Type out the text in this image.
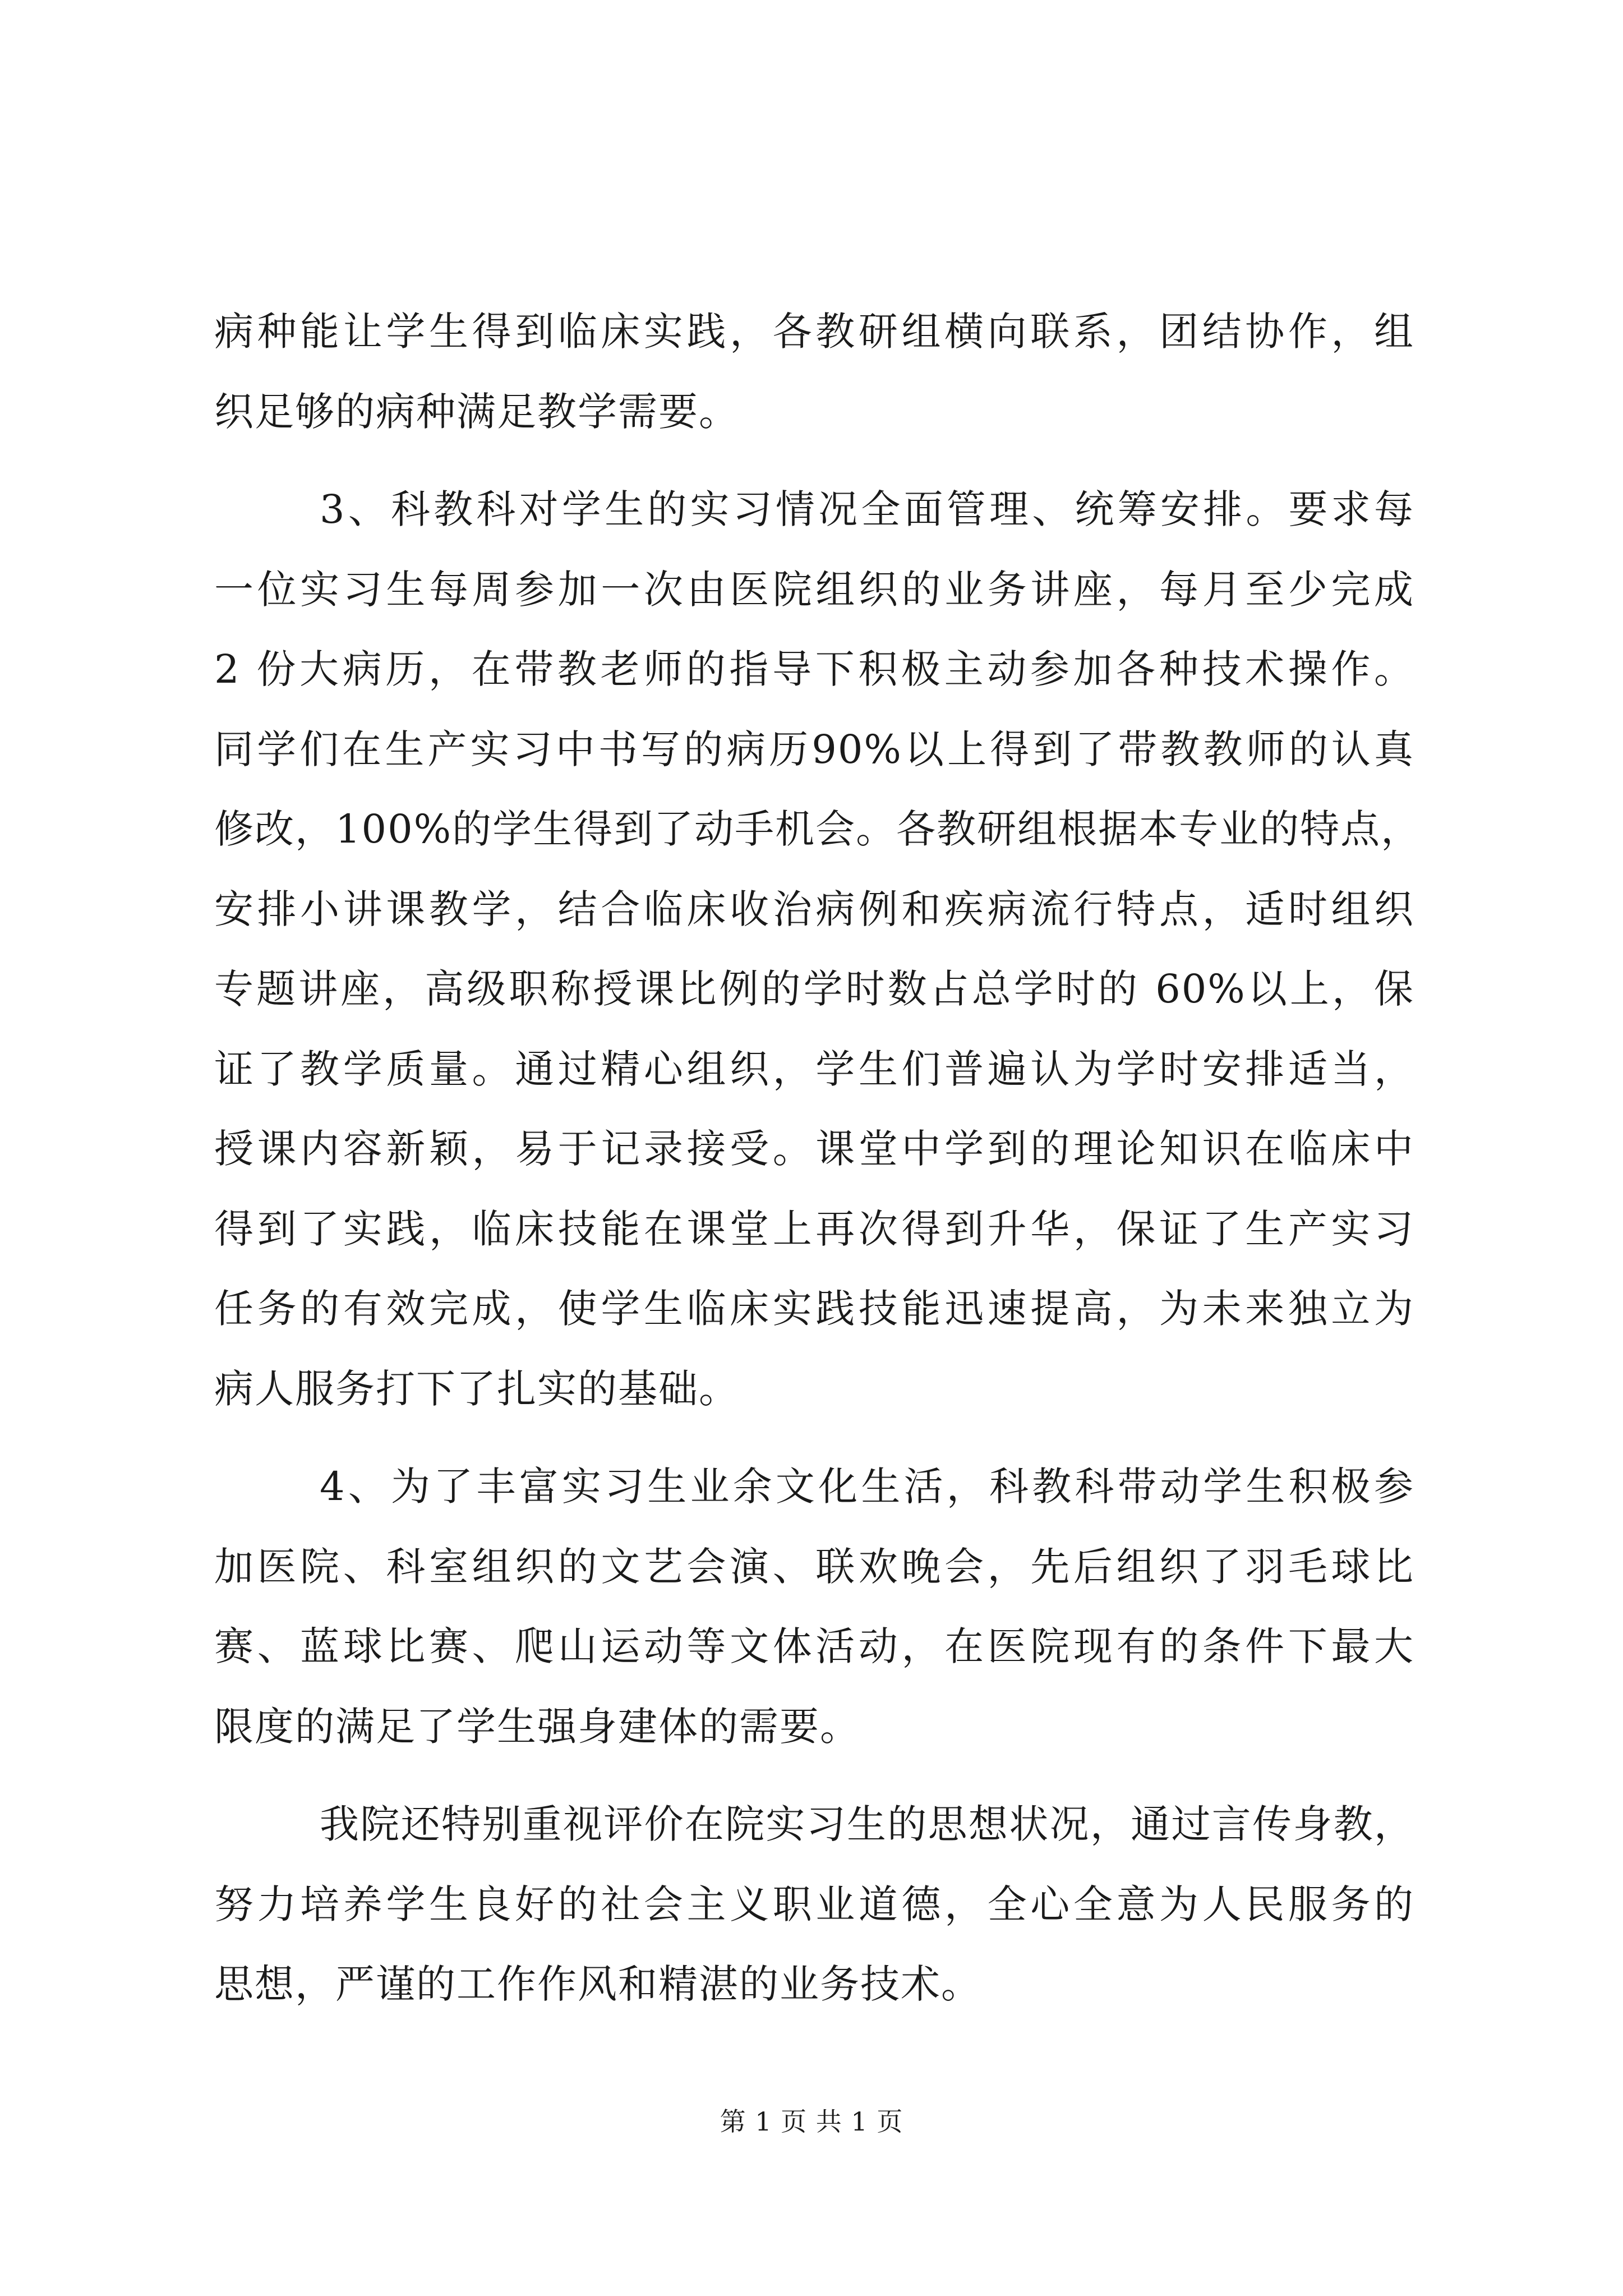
病种能让学生得到临床实践，各教研组横向联系，团结协作，组
织足够的病种满足教学需要。
3、科教科对学生的实习情况全面管理、统筹安排。要求每
一位实习生每周参加一次由医院组织的业务讲座，每月至少完成
2 份大病历，在带教老师的指导下积极主动参加各种技术操作。
同学们在生产实习中书写的病历90%以上得到了带教教师的认真
修改，100%的学生得到了动手机会。各教研组根据本专业的特点，
安排小讲课教学，结合临床收治病例和疾病流行特点，适时组织
专题讲座，高级职称授课比例的学时数占总学时的 60%以上，保
证了教学质量。通过精心组织，学生们普遍认为学时安排适当，
授课内容新颖，易于记录接受。课堂中学到的理论知识在临床中
得到了实践，临床技能在课堂上再次得到升华，保证了生产实习
任务的有效完成，使学生临床实践技能迅速提高，为未来独立为
病人服务打下了扎实的基础。
4、为了丰富实习生业余文化生活，科教科带动学生积极参
加医院、科室组织的文艺会演、联欢晚会，先后组织了羽毛球比
赛、蓝球比赛、爬山运动等文体活动，在医院现有的条件下最大
限度的满足了学生强身建体的需要。
我院还特别重视评价在院实习生的思想状况，通过言传身教，
努力培养学生良好的社会主义职业道德，全心全意为人民服务的
思想，严谨的工作作风和精湛的业务技术。
第 1 页 共 1 页
